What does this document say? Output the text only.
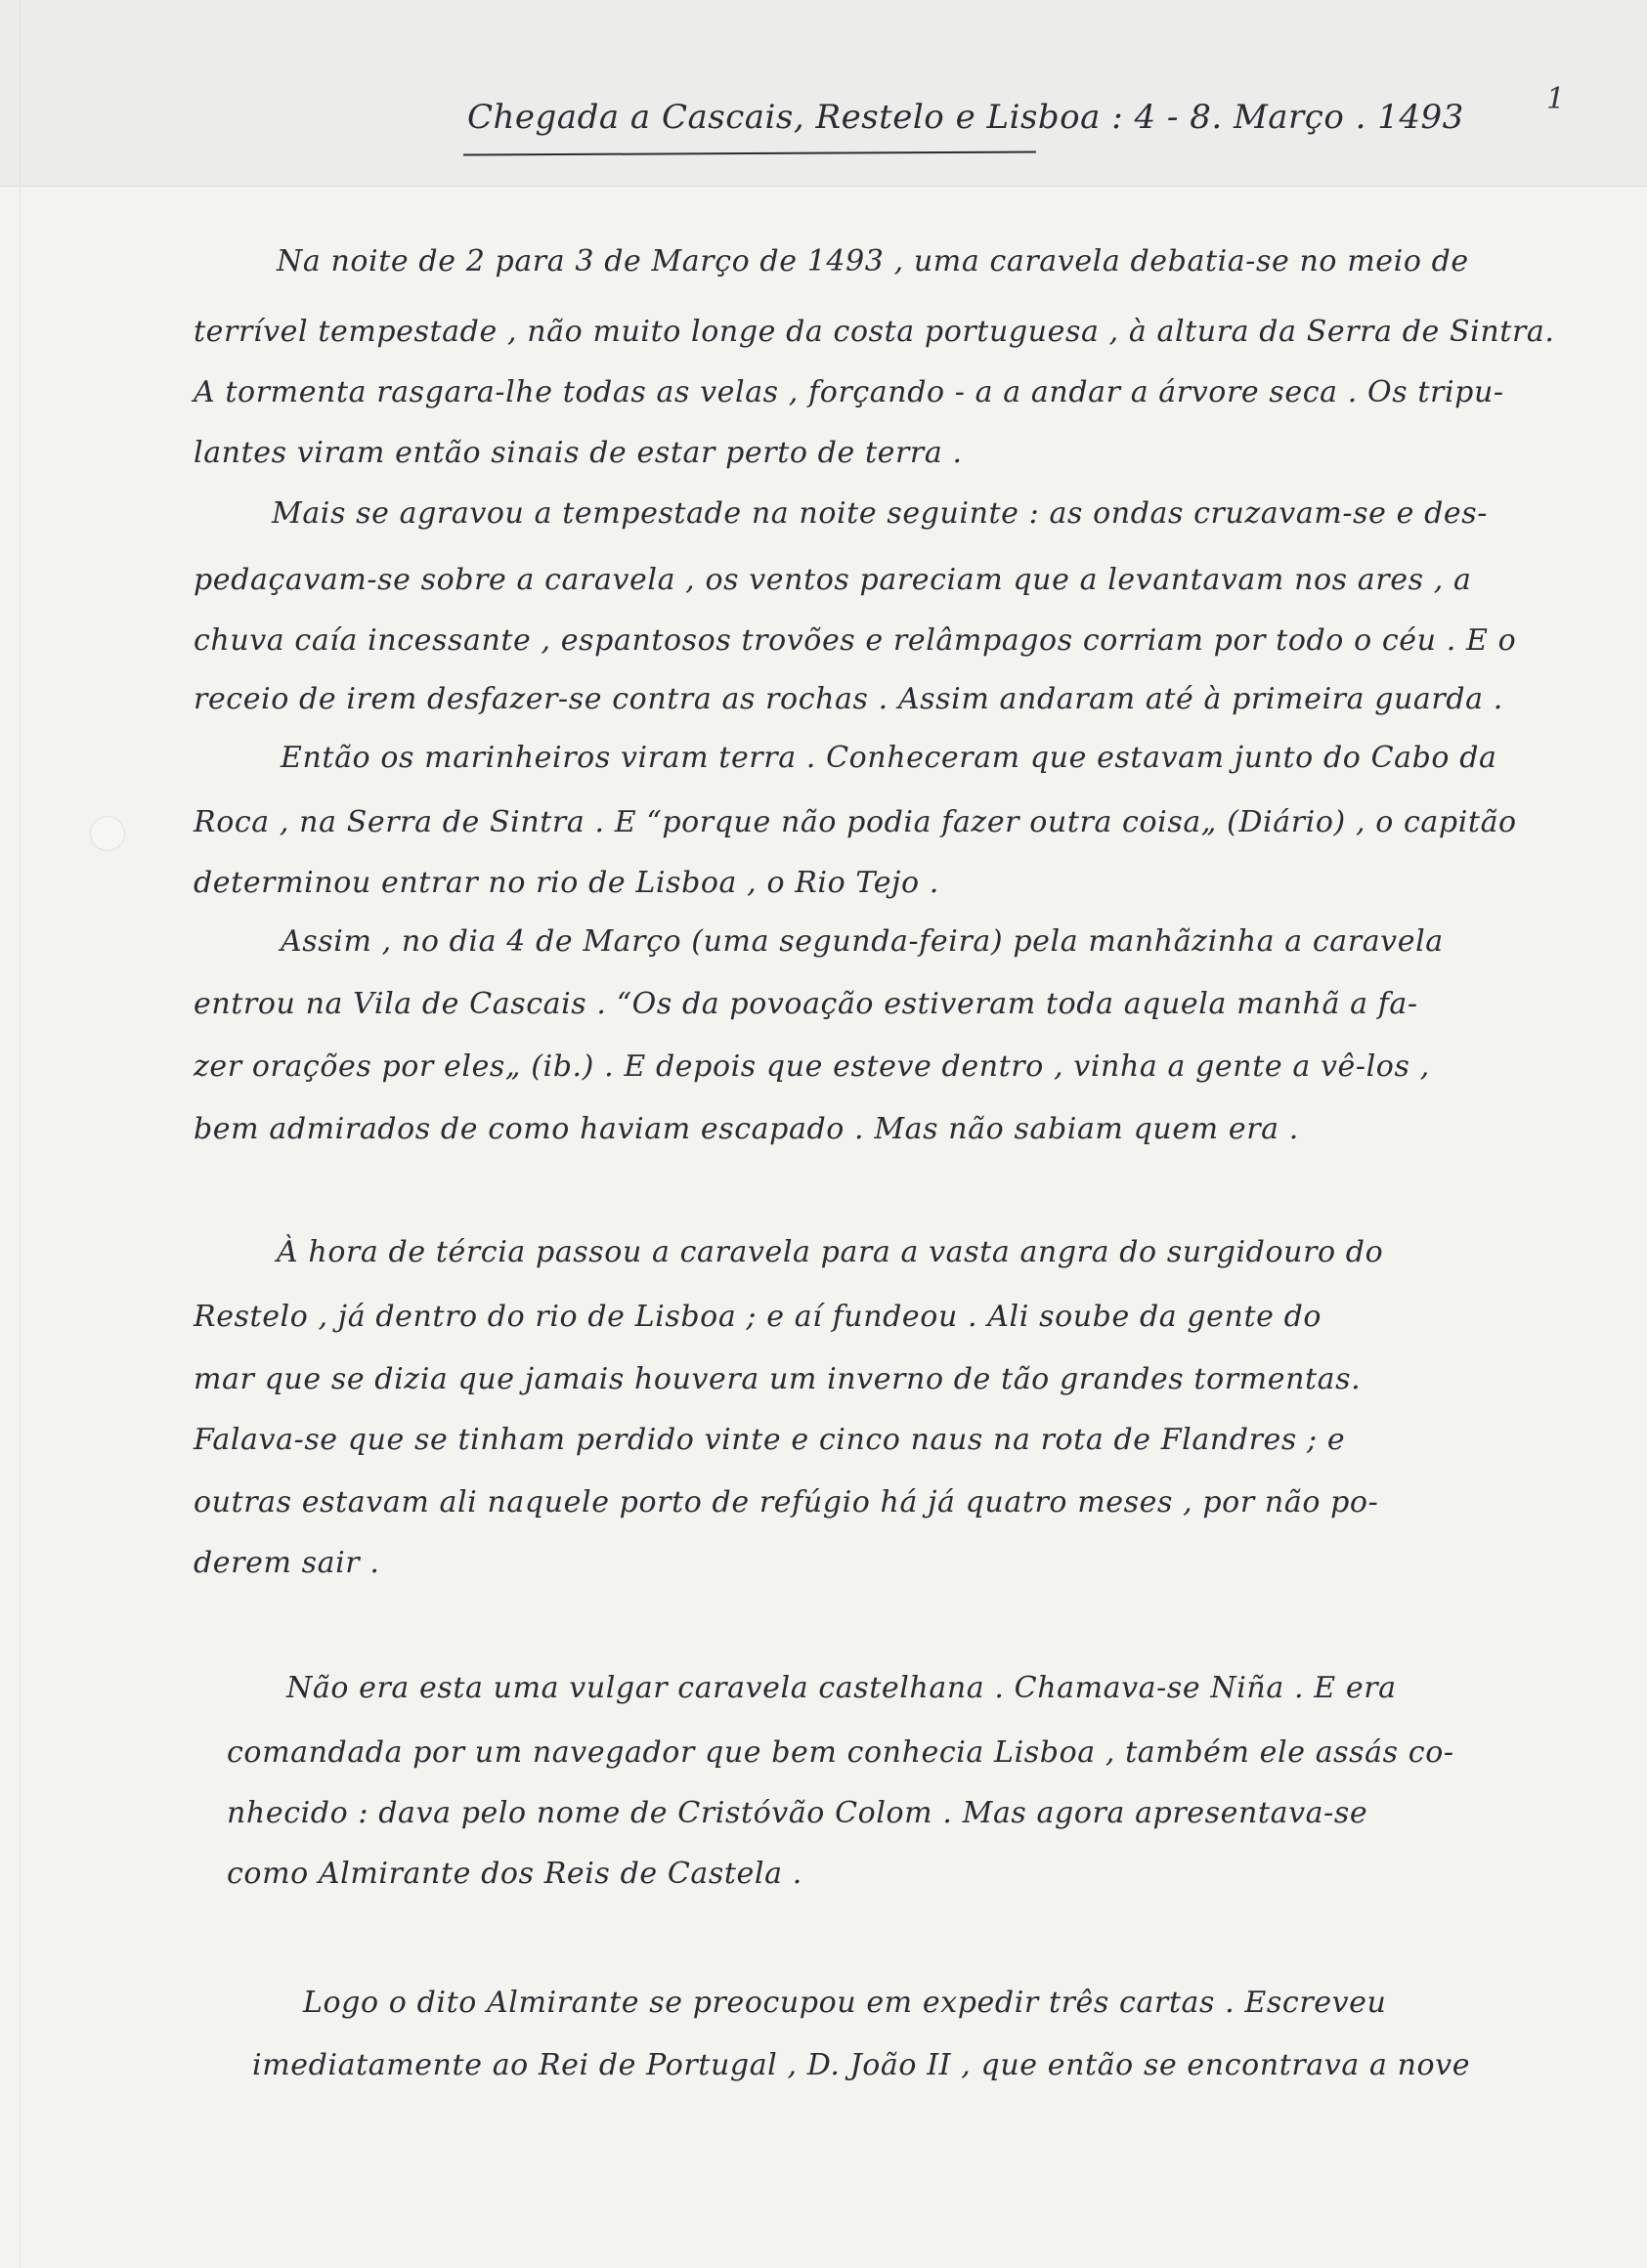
1
Chegada a Cascais, Restelo e Lisboa : 4 - 8. Março . 1493
Na noite de 2 para 3 de Março de 1493 , uma caravela debatia-se no meio de
terrível tempestade , não muito longe da costa portuguesa , à altura da Serra de Sintra.
A tormenta rasgara-lhe todas as velas , forçando - a a andar a árvore seca . Os tripu-
lantes viram então sinais de estar perto de terra .
Mais se agravou a tempestade na noite seguinte : as ondas cruzavam-se e des-
pedaçavam-se sobre a caravela , os ventos pareciam que a levantavam nos ares , a
chuva caía incessante , espantosos trovões e relâmpagos corriam por todo o céu . E o
receio de irem desfazer-se contra as rochas . Assim andaram até à primeira guarda .
Então os marinheiros viram terra . Conheceram que estavam junto do Cabo da
Roca , na Serra de Sintra . E “porque não podia fazer outra coisa„ (Diário) , o capitão
determinou entrar no rio de Lisboa , o Rio Tejo .
Assim , no dia 4 de Março (uma segunda-feira) pela manhãzinha a caravela
entrou na Vila de Cascais . “Os da povoação estiveram toda aquela manhã a fa-
zer orações por eles„ (ib.) . E depois que esteve dentro , vinha a gente a vê-los ,
bem admirados de como haviam escapado . Mas não sabiam quem era .
À hora de tércia passou a caravela para a vasta angra do surgidouro do
Restelo , já dentro do rio de Lisboa ; e aí fundeou . Ali soube da gente do
mar que se dizia que jamais houvera um inverno de tão grandes tormentas.
Falava-se que se tinham perdido vinte e cinco naus na rota de Flandres ; e
outras estavam ali naquele porto de refúgio há já quatro meses , por não po-
derem sair .
Não era esta uma vulgar caravela castelhana . Chamava-se Niña . E era
comandada por um navegador que bem conhecia Lisboa , também ele assás co-
nhecido : dava pelo nome de Cristóvão Colom . Mas agora apresentava-se
como Almirante dos Reis de Castela .
Logo o dito Almirante se preocupou em expedir três cartas . Escreveu
imediatamente ao Rei de Portugal , D. João II , que então se encontrava a nove
